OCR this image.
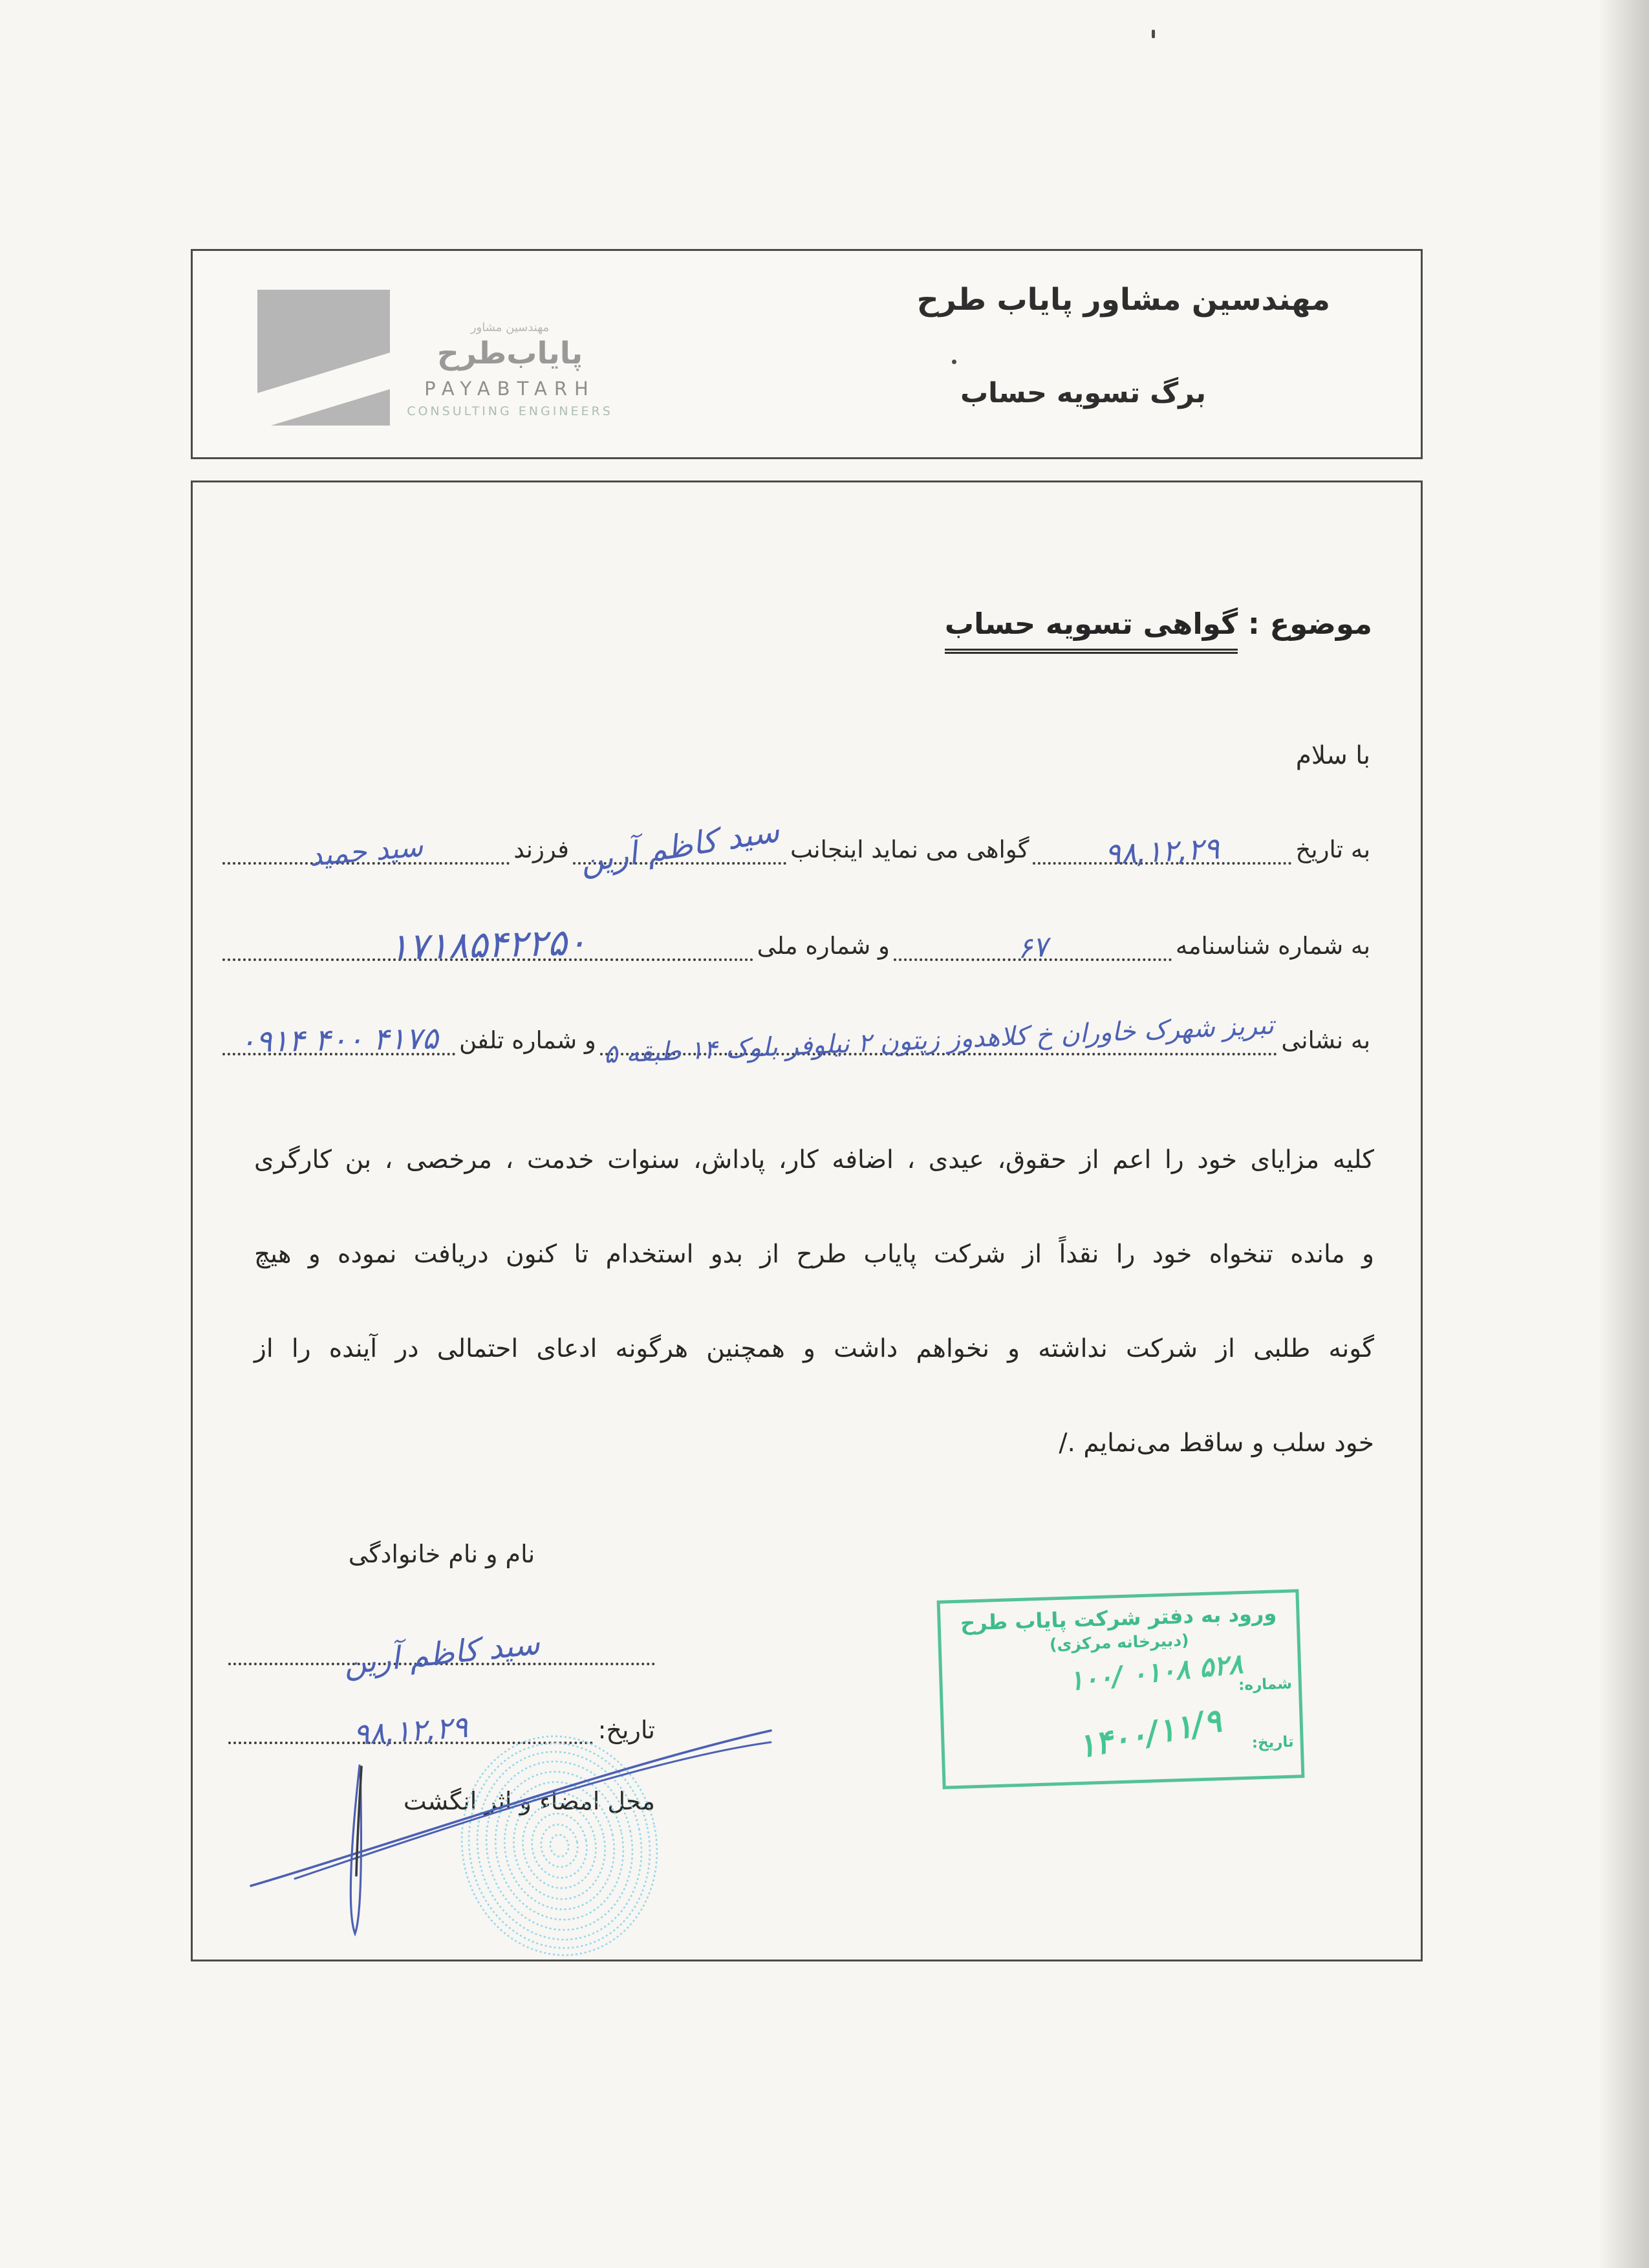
مهندسین مشاور
پایاب‌طرح
PAYABTARH
CONSULTING ENGINEERS
مهندسین مشاور پایاب طرح
برگ تسویه حساب
موضوع : گواهی تسویه حساب
با سلام
به تاریخ
۹۸,۱۲,۲۹
گواهی می نماید اینجانب
سید کاظم آرین
فرزند
سید حمید
به شماره شناسنامه
۶۷
و شماره ملی
۱۷۱۸۵۴۲۲۵۰
به نشانی
تبریز شهرک خاوران خ کلاهدوز زیتون ۲ نیلوفر بلوک ۱۴ طبقه ۵
و شماره تلفن
۰۹۱۴ ۴۰۰ ۴۱۷۵
کلیه مزایای خود را اعم از حقوق، عیدی ، اضافه کار، پاداش، سنوات خدمت ، مرخصی ، بن کارگری
و مانده تنخواه خود را نقداً از شرکت پایاب طرح از بدو استخدام تا کنون دریافت نموده و هیچ
گونه طلبی از شرکت نداشته و نخواهم داشت و همچنین هرگونه ادعای احتمالی در آینده را از
خود سلب و ساقط می‌نمایم ./
نام و نام خانوادگی
سید کاظم آرین
تاریخ:
۹۸,۱۲,۲۹
محل امضاء و اثر انگشت
ورود به دفتر شرکت پایاب طرح
(دبیرخانه مرکزی)
شماره:
۵۲۸ ۰۱۰۸ /۱۰۰
تاریخ:
۱۴۰۰/۱۱/۹
